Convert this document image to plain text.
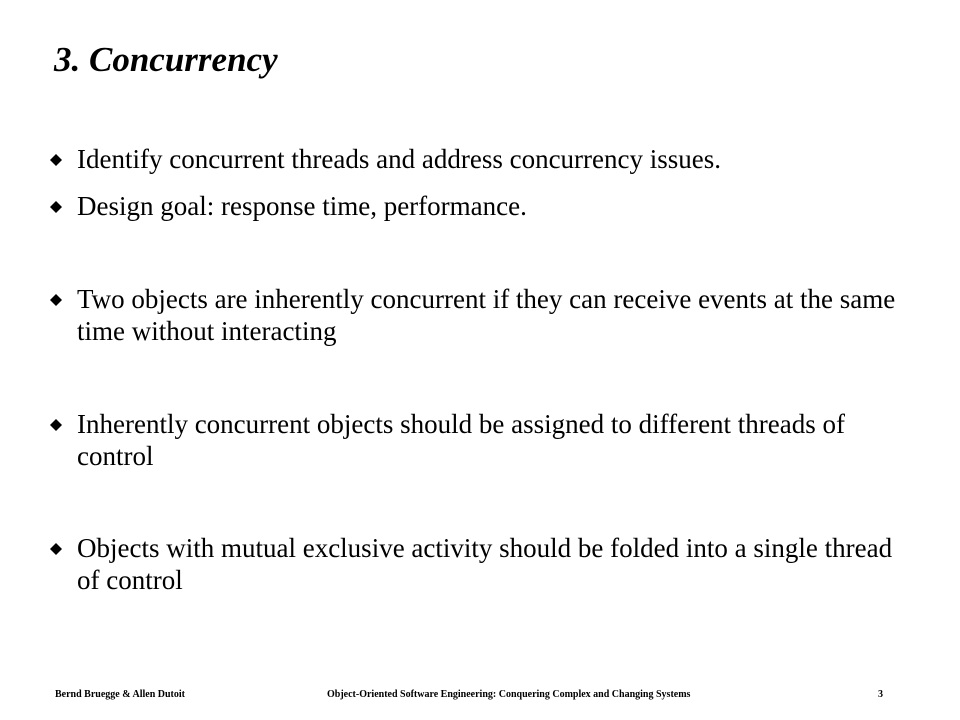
3. Concurrency
Identify concurrent threads and address concurrency issues.
Design goal: response time, performance.
Two objects are inherently concurrent if they can receive events at the same time without interacting
Inherently concurrent objects should be assigned to different threads of control
Objects with mutual exclusive activity should be folded into a single thread of control
Bernd Bruegge & Allen Dutoit	Object-Oriented Software Engineering: Conquering Complex and Changing Systems	3
